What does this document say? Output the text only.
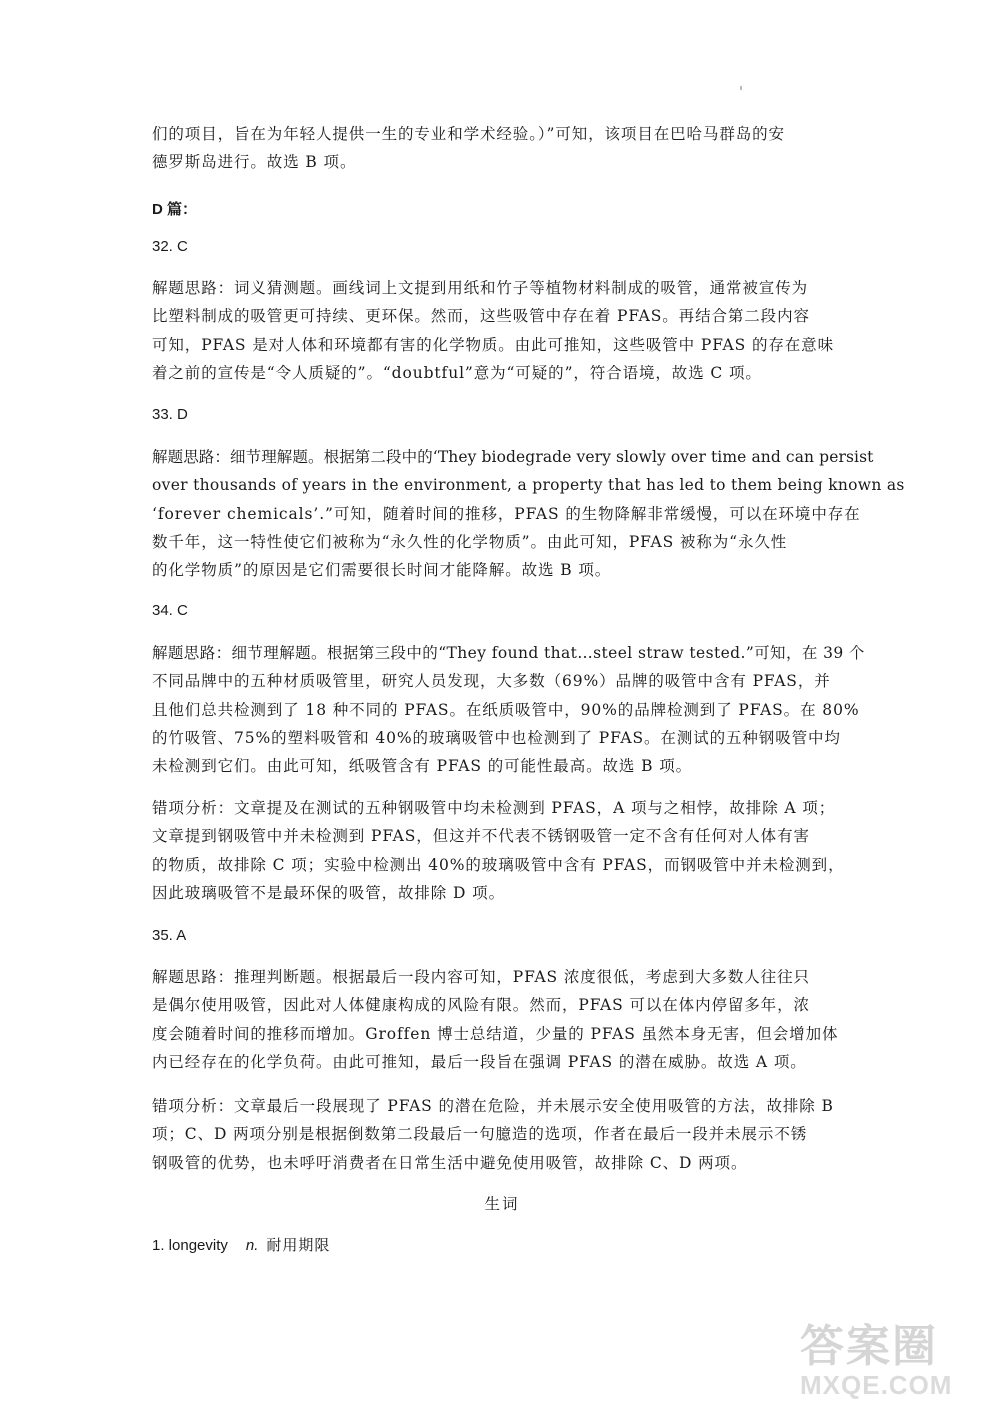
们的项目，旨在为年轻人提供一生的专业和学术经验。）”可知，该项目在巴哈马群岛的安
德罗斯岛进行。故选 B 项。
D 篇：
32. C
解题思路：词义猜测题。画线词上文提到用纸和竹子等植物材料制成的吸管，通常被宣传为
比塑料制成的吸管更可持续、更环保。然而，这些吸管中存在着 PFAS。再结合第二段内容
可知，PFAS 是对人体和环境都有害的化学物质。由此可推知，这些吸管中 PFAS 的存在意味
着之前的宣传是“令人质疑的”。“doubtful”意为“可疑的”，符合语境，故选 C 项。
33. D
解题思路：细节理解题。根据第二段中的‘They biodegrade very slowly over time and can persist
over thousands of years in the environment, a property that has led to them being known as
‘forever chemicals’.”可知，随着时间的推移，PFAS 的生物降解非常缓慢，可以在环境中存在
数千年，这一特性使它们被称为“永久性的化学物质”。由此可知，PFAS 被称为“永久性
的化学物质”的原因是它们需要很长时间才能降解。故选 B 项。
34. C
解题思路：细节理解题。根据第三段中的“They found that…steel straw tested.”可知，在 39 个
不同品牌中的五种材质吸管里，研究人员发现，大多数（69%）品牌的吸管中含有 PFAS，并
且他们总共检测到了 18 种不同的 PFAS。在纸质吸管中，90%的品牌检测到了 PFAS。在 80%
的竹吸管、75%的塑料吸管和 40%的玻璃吸管中也检测到了 PFAS。在测试的五种钢吸管中均
未检测到它们。由此可知，纸吸管含有 PFAS 的可能性最高。故选 B 项。
错项分析：文章提及在测试的五种钢吸管中均未检测到 PFAS，A 项与之相悖，故排除 A 项；
文章提到钢吸管中并未检测到 PFAS，但这并不代表不锈钢吸管一定不含有任何对人体有害
的物质，故排除 C 项；实验中检测出 40%的玻璃吸管中含有 PFAS，而钢吸管中并未检测到，
因此玻璃吸管不是最环保的吸管，故排除 D 项。
35. A
解题思路：推理判断题。根据最后一段内容可知，PFAS 浓度很低，考虑到大多数人往往只
是偶尔使用吸管，因此对人体健康构成的风险有限。然而，PFAS 可以在体内停留多年，浓
度会随着时间的推移而增加。Groffen 博士总结道，少量的 PFAS 虽然本身无害，但会增加体
内已经存在的化学负荷。由此可推知，最后一段旨在强调 PFAS 的潜在威胁。故选 A 项。
错项分析：文章最后一段展现了 PFAS 的潜在危险，并未展示安全使用吸管的方法，故排除 B
项；C、D 两项分别是根据倒数第二段最后一句臆造的选项，作者在最后一段并未展示不锈
钢吸管的优势，也未呼吁消费者在日常生活中避免使用吸管，故排除 C、D 两项。
生词
1. longevity n. 耐用期限
答案圈
MXQE.COM
